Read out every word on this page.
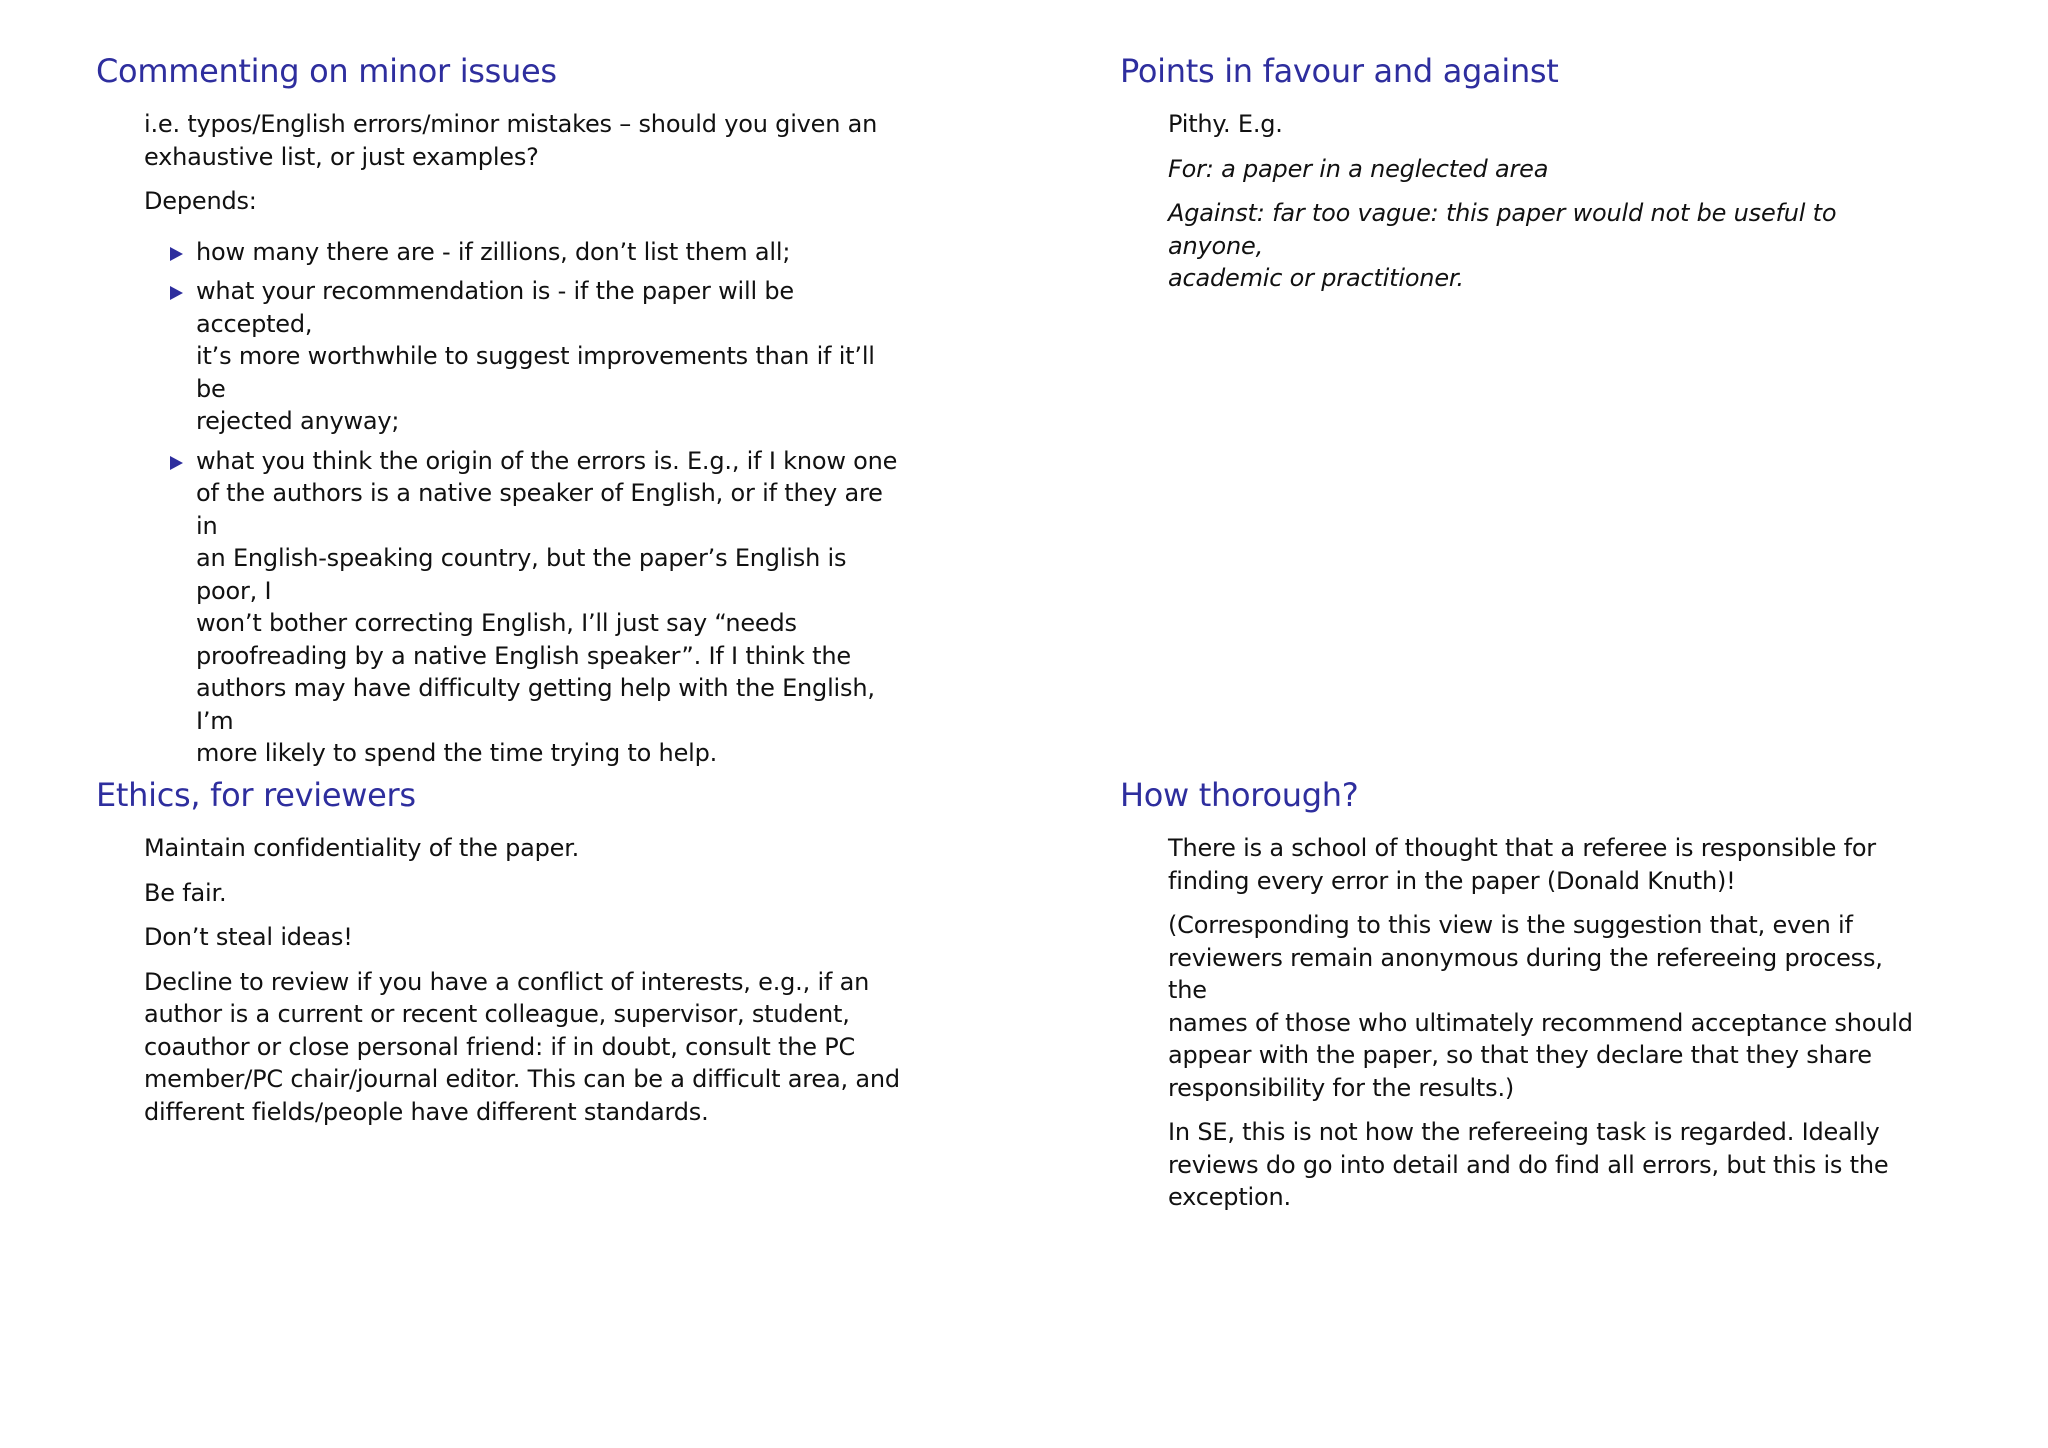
Commenting on minor issues

i.e. typos/English errors/minor mistakes – should you given an
exhaustive list, or just examples?

Depends:

how many there are - if zillions, don’t list them all;
what your recommendation is - if the paper will be accepted,
it’s more worthwhile to suggest improvements than if it’ll be
rejected anyway;
what you think the origin of the errors is. E.g., if I know one
of the authors is a native speaker of English, or if they are in
an English-speaking country, but the paper’s English is poor, I
won’t bother correcting English, I’ll just say “needs
proofreading by a native English speaker”. If I think the
authors may have difficulty getting help with the English, I’m
more likely to spend the time trying to help.
Points in favour and against

Pithy. E.g.

For: a paper in a neglected area

Against: far too vague: this paper would not be useful to anyone,
academic or practitioner.

Ethics, for reviewers

Maintain confidentiality of the paper.

Be fair.

Don’t steal ideas!

Decline to review if you have a conflict of interests, e.g., if an
author is a current or recent colleague, supervisor, student,
coauthor or close personal friend: if in doubt, consult the PC
member/PC chair/journal editor. This can be a difficult area, and
different fields/people have different standards.

How thorough?

There is a school of thought that a referee is responsible for
finding every error in the paper (Donald Knuth)!

(Corresponding to this view is the suggestion that, even if
reviewers remain anonymous during the refereeing process, the
names of those who ultimately recommend acceptance should
appear with the paper, so that they declare that they share
responsibility for the results.)

In SE, this is not how the refereeing task is regarded. Ideally
reviews do go into detail and do find all errors, but this is the
exception.
